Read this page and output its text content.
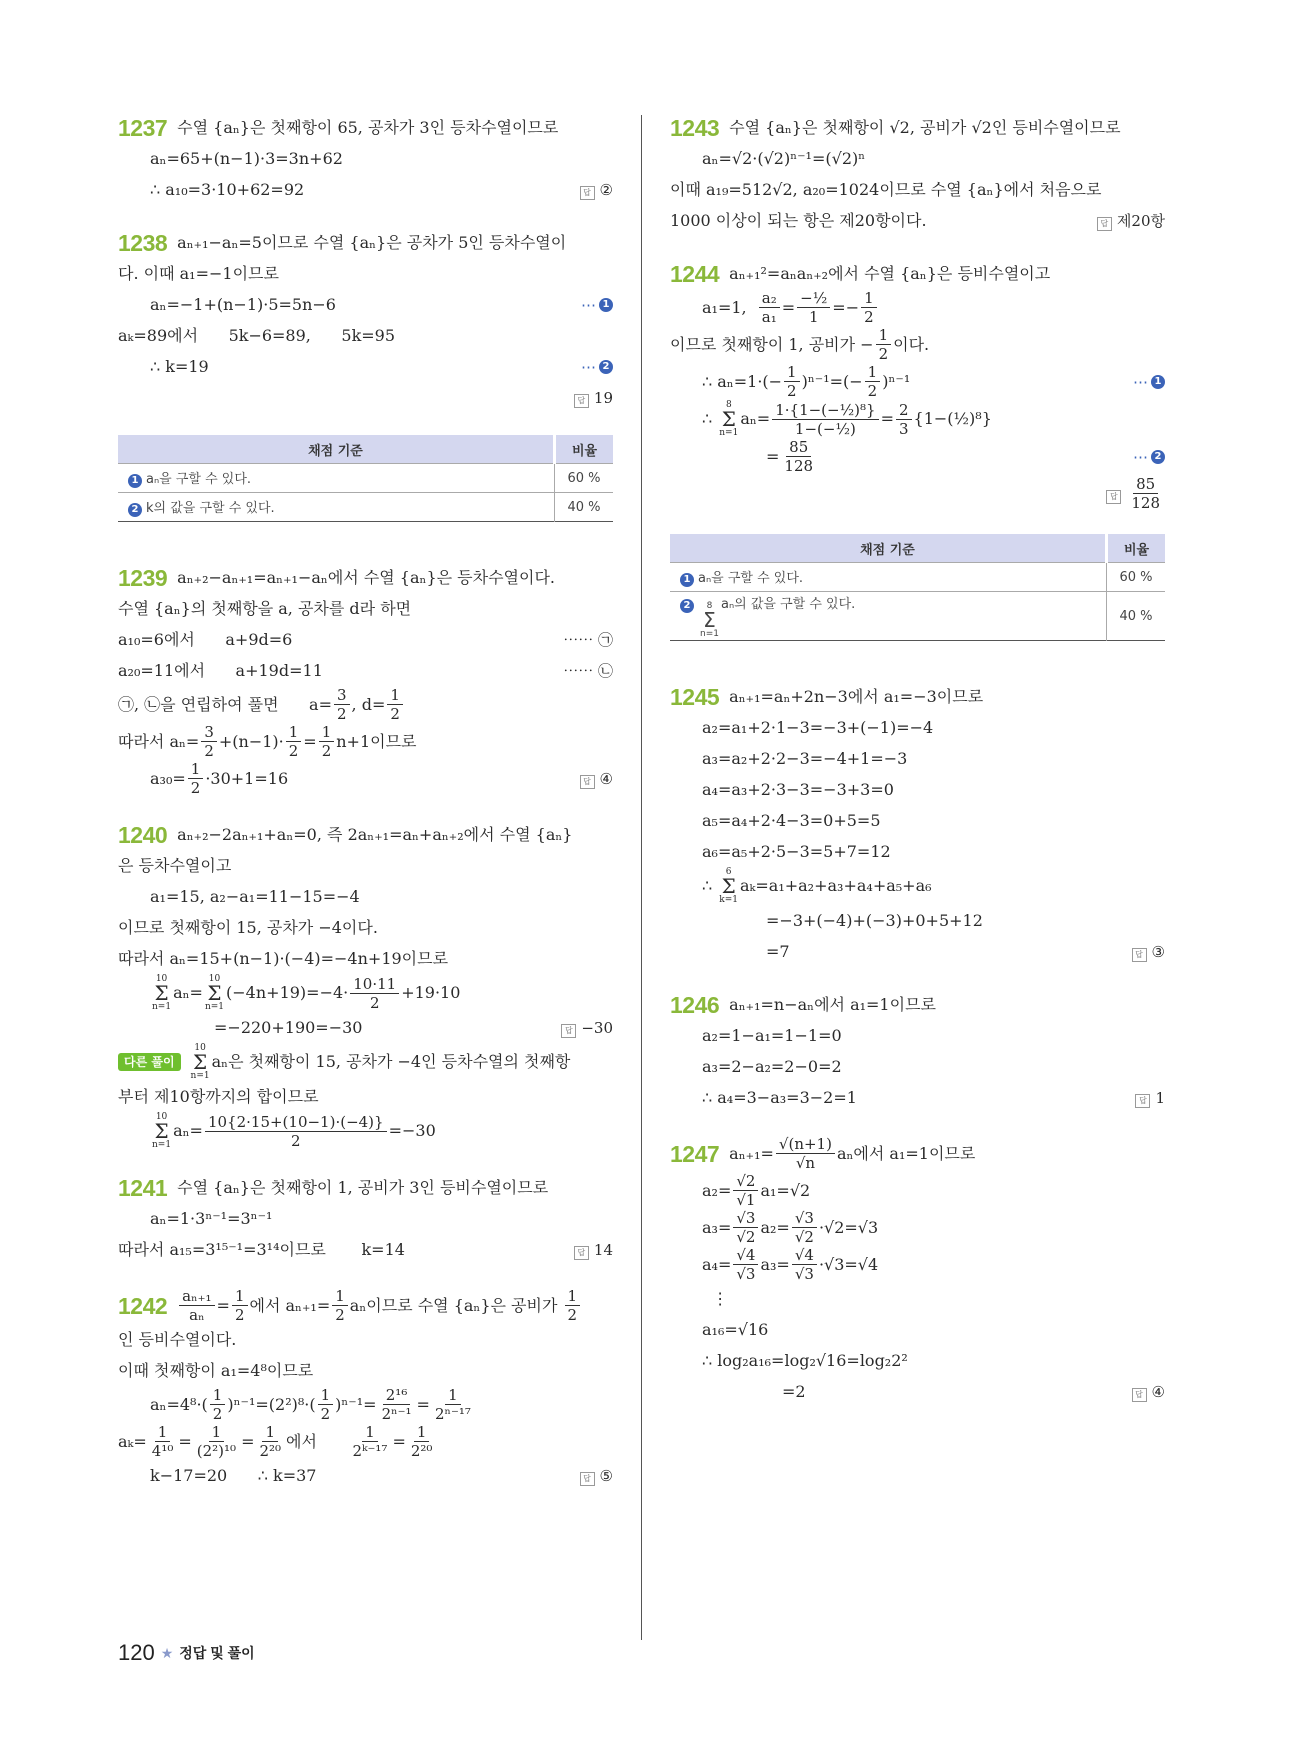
1237 수열 {aₙ}은 첫째항이 65, 공차가 3인 등차수열이므로
aₙ=65+(n−1)·3=3n+62
∴ a₁₀=3·10+62=92 답	②
1238 aₙ₊₁−aₙ=5이므로 수열 {aₙ}은 공차가 5인 등차수열이
다. 이때 a₁=−1이므로
aₙ=−1+(n−1)·5=5n−6	⋯ 1
aₖ=89에서      5k−6=89,      5k=95
∴ k=19	⋯ 2
답 19
채점 기준	비율
1 aₙ을 구할 수 있다.	60 %
2 k의 값을 구할 수 있다.	40 %
1239 aₙ₊₂−aₙ₊₁=aₙ₊₁−aₙ에서 수열 {aₙ}은 등차수열이다.
수열 {aₙ}의 첫째항을 a, 공차를 d라 하면
a₁₀=6에서      a+9d=6	⋯⋯ ㉠
a₂₀=11에서      a+19d=11	⋯⋯ ㉡
㉠, ㉡을 연립하여 풀면      $a= \frac{3}{2}$ , $d= \frac{1}{2}$
따라서 $a_n= \frac{3}{2} +(n-1)\cdot \frac{1}{2} = \frac{1}{2} n+1$이므로
$a_{30}= \frac{1}{2} \cdot 30+1=16$ 답	④
1240 aₙ₊₂−2aₙ₊₁+aₙ=0, 즉 2aₙ₊₁=aₙ+aₙ₊₂에서 수열 {aₙ}
은 등차수열이고
a₁=15, a₂−a₁=11−15=−4
이므로 첫째항이 15, 공차가 −4이다.
따라서 aₙ=15+(n−1)·(−4)=−4n+19이므로
10
Σ
n=1
aₙ=
10
Σ
n=1
$(-4n+19)=-4\cdot \frac{10\cdot 11}{2} +19\cdot 10$
=−220+190=−30 답	−30
다른 풀이
10
Σ
n=1
aₙ은 첫째항이 15, 공차가 −4인 등차수열의 첫째항
부터 제10항까지의 합이므로
10
Σ
n=1
$a_n= \frac{10\{2\cdot 15+(10-1)\cdot(-4)\}}{2} =-30$
1241 수열 {aₙ}은 첫째항이 1, 공비가 3인 등비수열이므로
aₙ=1·3ⁿ⁻¹=3ⁿ⁻¹
따라서 a₁₅=3¹⁵⁻¹=3¹⁴이므로       k=14 답	14
$1242 \frac{\text{aₙ₊₁}}{\text{aₙ}} = \frac{1}{2}$ 에서 $a_{n+1}= \frac{1}{2}$ aₙ이므로 수열 {aₙ}은 공비가 $\frac{1}{2}$
인 등비수열이다.
이때 첫째항이 a₁=4⁸이므로
$a_n=4^8\cdot( \frac{1}{2} )^{n-1}=(2^2)^8\cdot( \frac{1}{2} )^{n-1}= \frac{\text{2¹⁶}}{\text{2ⁿ⁻¹}} = \frac{1}{\text{2ⁿ⁻¹⁷}}$
$a_k= \frac{1}{\text{4¹⁰}} = \frac{1}{\text{(2²)¹⁰}} = \frac{1}{\text{2²⁰}}$ 에서 $\frac{1}{\text{2ᵏ⁻¹⁷}} = \frac{1}{\text{2²⁰}}$
k−17=20      ∴ k=37 답	⑤
1243 수열 {aₙ}은 첫째항이 √2, 공비가 √2인 등비수열이므로
aₙ=√2·(√2)ⁿ⁻¹=(√2)ⁿ
이때 a₁₉=512√2, a₂₀=1024이므로 수열 {aₙ}에서 처음으로
1000 이상이 되는 항은 제20항이다. 답	제20항
1244 aₙ₊₁²=aₙaₙ₊₂에서 수열 {aₙ}은 등비수열이고
a₁=1, $\frac{\text{a₂}}{\text{a₁}} = \frac{\text{−½}}{1} =- \frac{1}{2}$
이므로 첫째항이 1, 공비가 − $\frac{1}{2}$ 이다.
∴ $a_n=1\cdot(- \frac{1}{2} )^{n-1}=(- \frac{1}{2} )^{n-1}$	⋯ 1
∴
8
Σ
n=1
$a_n= \frac{\text{1·\{1−(−½)⁸\}}}{\text{1−(−½)}} = \frac{2}{3}$ {1−(½)⁸}
= $\frac{85}{128}$	⋯ 2
답
$\frac{85}{128}$
채점 기준	비율
1 aₙ을 구할 수 있다.	60 %
2 8
Σ
n=1
aₙ의 값을 구할 수 있다.	40 %
1245 aₙ₊₁=aₙ+2n−3에서 a₁=−3이므로
a₂=a₁+2·1−3=−3+(−1)=−4
a₃=a₂+2·2−3=−4+1=−3
a₄=a₃+2·3−3=−3+3=0
a₅=a₄+2·4−3=0+5=5
a₆=a₅+2·5−3=5+7=12
∴
6
Σ
k=1
aₖ=a₁+a₂+a₃+a₄+a₅+a₆
=−3+(−4)+(−3)+0+5+12
=7 답	③
1246 aₙ₊₁=n−aₙ에서 a₁=1이므로
a₂=1−a₁=1−1=0
a₃=2−a₂=2−0=2
∴ a₄=3−a₃=3−2=1 답	1
1247 $a_{n+1}= \frac{√(n+1)}{√n}$ aₙ에서 a₁=1이므로
$a_2= \frac{√2}{√1} a_1=√2$
$a_3= \frac{√3}{√2} a_2= \frac{√3}{√2} \cdot√2=√3$
$a_4= \frac{√4}{√3} a_3= \frac{√4}{√3} \cdot√3=√4$
⋮
a₁₆=√16
∴ log₂a₁₆=log₂√16=log₂2²
=2 답	④
120 ★ 정답 및 풀이
